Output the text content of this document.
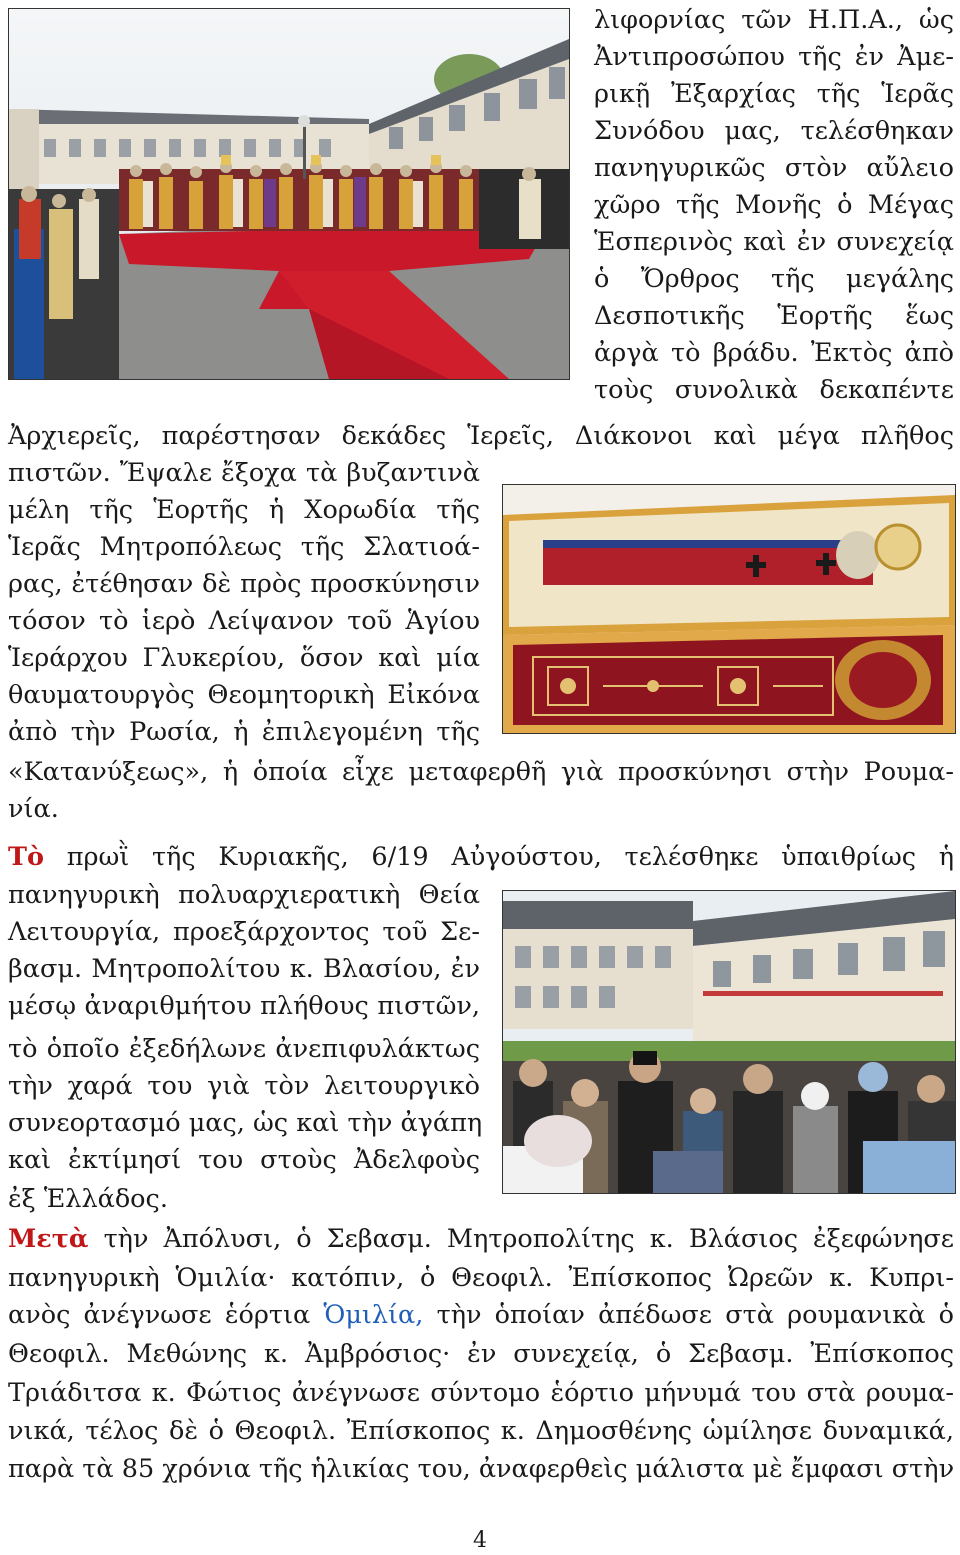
λιφορνίας τῶν Η.Π.Α., ὡς
Ἀντιπροσώπου τῆς ἐν Ἀμε-
ρικῇ Ἐξαρχίας τῆς Ἱερᾶς
Συνόδου μας, τελέσθηκαν
πανηγυρικῶς στὸν αὔλειο
χῶρο τῆς Μονῆς ὁ Μέγας
Ἑσπερινὸς καὶ ἐν συνεχείᾳ
ὁ Ὄρθρος τῆς μεγάλης
Δεσποτικῆς Ἑορτῆς ἕως
ἀργὰ τὸ βράδυ. Ἐκτὸς ἀπὸ
τοὺς συνολικὰ δεκαπέντε
Ἀρχιερεῖς, παρέστησαν δεκάδες Ἱερεῖς, Διάκονοι καὶ μέγα πλῆθος
πιστῶν. Ἔψαλε ἔξοχα τὰ βυζαντινὰ
μέλη τῆς Ἑορτῆς ἡ Χορωδία τῆς
Ἱερᾶς Μητροπόλεως τῆς Σλατιοά-
ρας, ἐτέθησαν δὲ πρὸς προσκύνησιν
τόσον τὸ ἱερὸ Λείψανον τοῦ Ἁγίου
Ἱεράρχου Γλυκερίου, ὅσον καὶ μία
θαυματουργὸς Θεομητορικὴ Εἰκόνα
ἀπὸ τὴν Ρωσία, ἡ ἐπιλεγομένη τῆς
«Κατανύξεως», ἡ ὁποία εἶχε μεταφερθῆ γιὰ προσκύνησι στὴν Ρουμα-
νία.
Τὸ πρωῒ τῆς Κυριακῆς, 6/19 Αὐγούστου, τελέσθηκε ὑπαιθρίως ἡ
πανηγυρικὴ πολυαρχιερατικὴ Θεία
Λειτουργία, προεξάρχοντος τοῦ Σε-
βασμ. Μητροπολίτου κ. Βλασίου, ἐν
μέσῳ ἀναριθμήτου πλήθους πιστῶν,
τὸ ὁποῖο ἐξεδήλωνε ἀνεπιφυλάκτως
τὴν χαρά του γιὰ τὸν λειτουργικὸ
συνεορτασμό μας, ὡς καὶ τὴν ἀγάπη
καὶ ἐκτίμησί του στοὺς Ἀδελφοὺς
ἐξ Ἑλλάδος.
Μετὰ τὴν Ἀπόλυσι, ὁ Σεβασμ. Μητροπολίτης κ. Βλάσιος ἐξεφώνησε
πανηγυρικὴ Ὁμιλία· κατόπιν, ὁ Θεοφιλ. Ἐπίσκοπος Ὠρεῶν κ. Κυπρι-
ανὸς ἀνέγνωσε ἑόρτια Ὁμιλία, τὴν ὁποίαν ἀπέδωσε στὰ ρουμανικὰ ὁ
Θεοφιλ. Μεθώνης κ. Ἀμβρόσιος· ἐν συνεχείᾳ, ὁ Σεβασμ. Ἐπίσκοπος
Τριάδιτσα κ. Φώτιος ἀνέγνωσε σύντομο ἑόρτιο μήνυμά του στὰ ρουμα-
νικά, τέλος δὲ ὁ Θεοφιλ. Ἐπίσκοπος κ. Δημοσθένης ὡμίλησε δυναμικά,
παρὰ τὰ 85 χρόνια τῆς ἡλικίας του, ἀναφερθεὶς μάλιστα μὲ ἔμφασι στὴν
4
